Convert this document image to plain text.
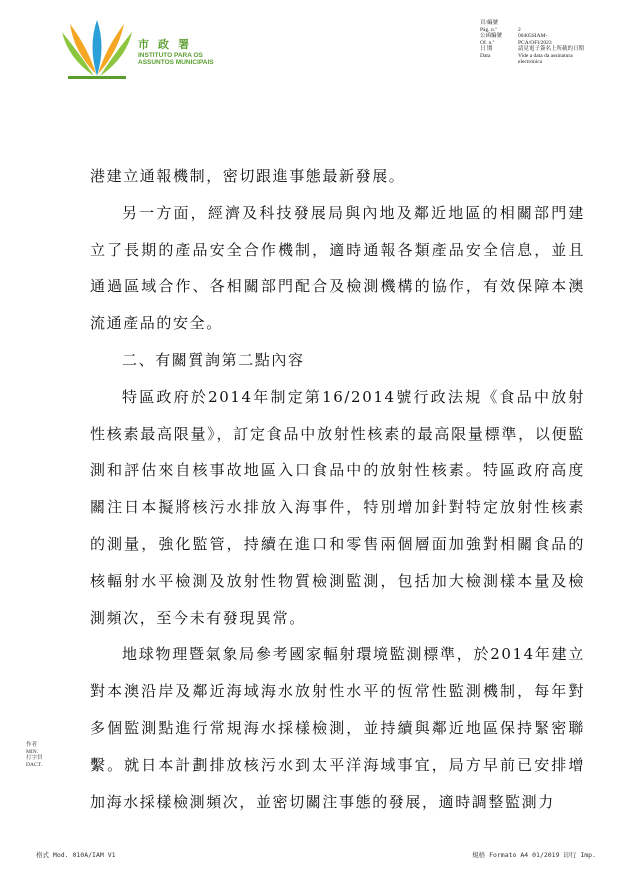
市 政 署
INSTITUTO PARA OS
ASSUNTOS MUNICIPAIS
頁/編號
Pág. n.º	2
公函編號	00405SIAM-
Of. n.º	PCA/OFI/2023
日 期	請見電子簽名上所載的日期
Data	Vide a data da assinatura
electrónica

港建立通報機制，密切跟進事態最新發展。

另一方面，經濟及科技發展局與內地及鄰近地區的相關部門建立了長期的產品安全合作機制，適時通報各類產品安全信息，並且通過區域合作、各相關部門配合及檢測機構的協作，有效保障本澳流通產品的安全。

二、有關質詢第二點內容

特區政府於2014年制定第16/2014號行政法規《食品中放射性核素最高限量》，訂定食品中放射性核素的最高限量標準，以便監測和評估來自核事故地區入口食品中的放射性核素。特區政府高度關注日本擬將核污水排放入海事件，特別增加針對特定放射性核素的測量，強化監管，持續在進口和零售兩個層面加強對相關食品的核輻射水平檢測及放射性物質檢測監測，包括加大檢測樣本量及檢測頻次，至今未有發現異常。

地球物理暨氣象局參考國家輻射環境監測標準，於2014年建立對本澳沿岸及鄰近海域海水放射性水平的恆常性監測機制，每年對多個監測點進行常規海水採樣檢測，並持續與鄰近地區保持緊密聯繫。就日本計劃排放核污水到太平洋海域事宜，局方早前已安排增加海水採樣檢測頻次，並密切關注事態的發展，適時調整監測力

作者
MIN.
打字員
DACT.
格式 Mod. 010A/IAM V1	規格 Formato A4 01/2019 印行 Imp.
